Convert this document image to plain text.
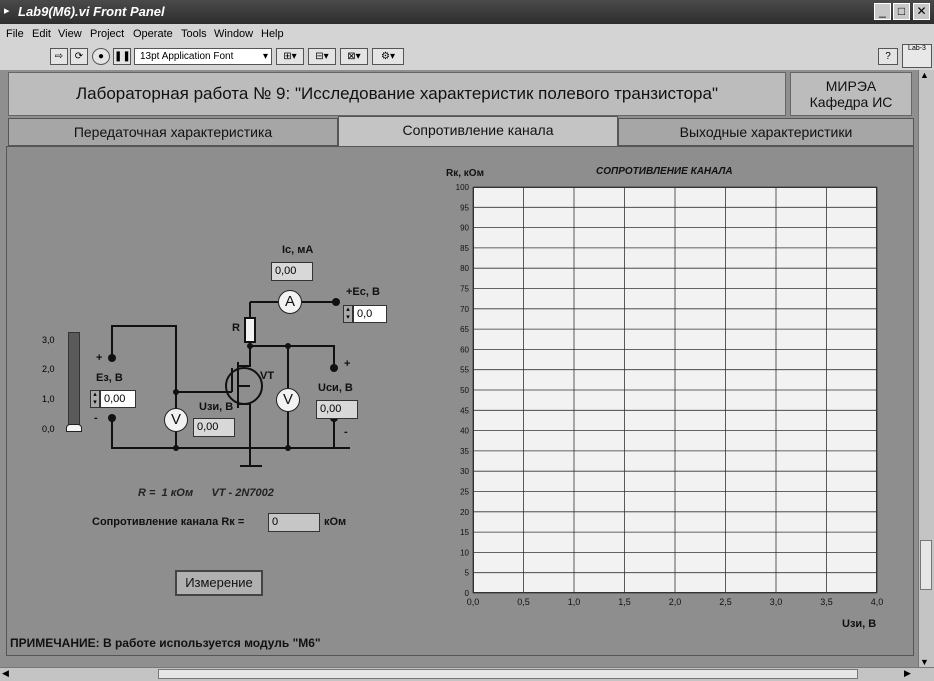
▸ Lab9(M6).vi Front Panel	_	□ ✕
File Edit View Project Operate Tools Window Help
⇨	⟳	● ❚❚ 13pt Application Font	▾	⊞▾	⊟▾	⊠▾	⚙▾	?
Lab-3
Лабораторная работа № 9: "Исследование характеристик полевого транзистора"	МИРЭА
Кафедра ИС
Передаточная характеристика	Сопротивление канала	Выходные характеристики
A
V
V
Ic, мА
0,00
+Ec, В
▴
▾ 0,0
R
VT
+
-
+
-
Eз, В
▴
▾ 0,00
Uзи, В
0,00
Uси, В
0,00
3,0
2,0
1,0
0,0
R =  1 кОм      VT - 2N7002
Сопротивление канала Rк =	0	кОм
Измерение
ПРИМЕЧАНИЕ: В работе используется модуль "М6"
Rк, кОм	СОПРОТИВЛЕНИЕ КАНАЛА
Uзи, В
0
5
10
15
20
25
30
35
40
45
50
55
60
65
70
75
80
85
90
95
100
0,0	0,5	1,0	1,5	2,0	2,5	3,0	3,5	4,0
▲
▼
◀	▶
